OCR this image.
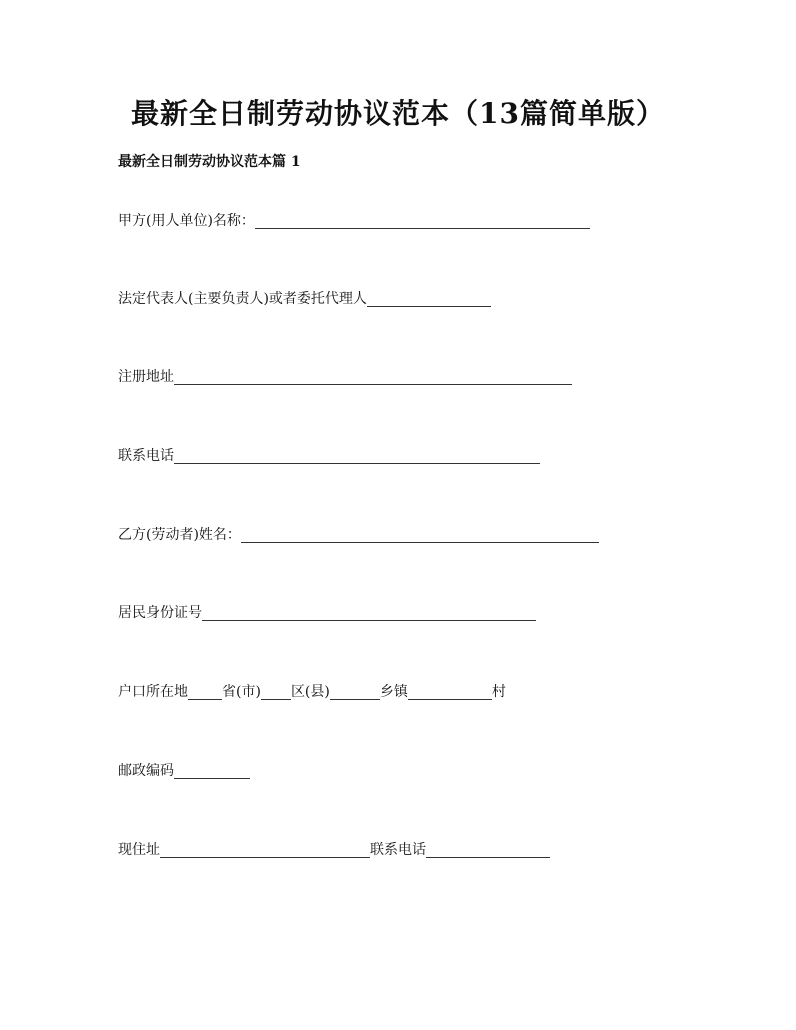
最新全日制劳动协议范本（13篇简单版）
最新全日制劳动协议范本篇 1
甲方(用人单位)名称：
法定代表人(主要负责人)或者委托代理人
注册地址
联系电话
乙方(劳动者)姓名：
居民身份证号
户口所在地 省(市) 区(县)	乡镇	村
邮政编码
现住址	联系电话
